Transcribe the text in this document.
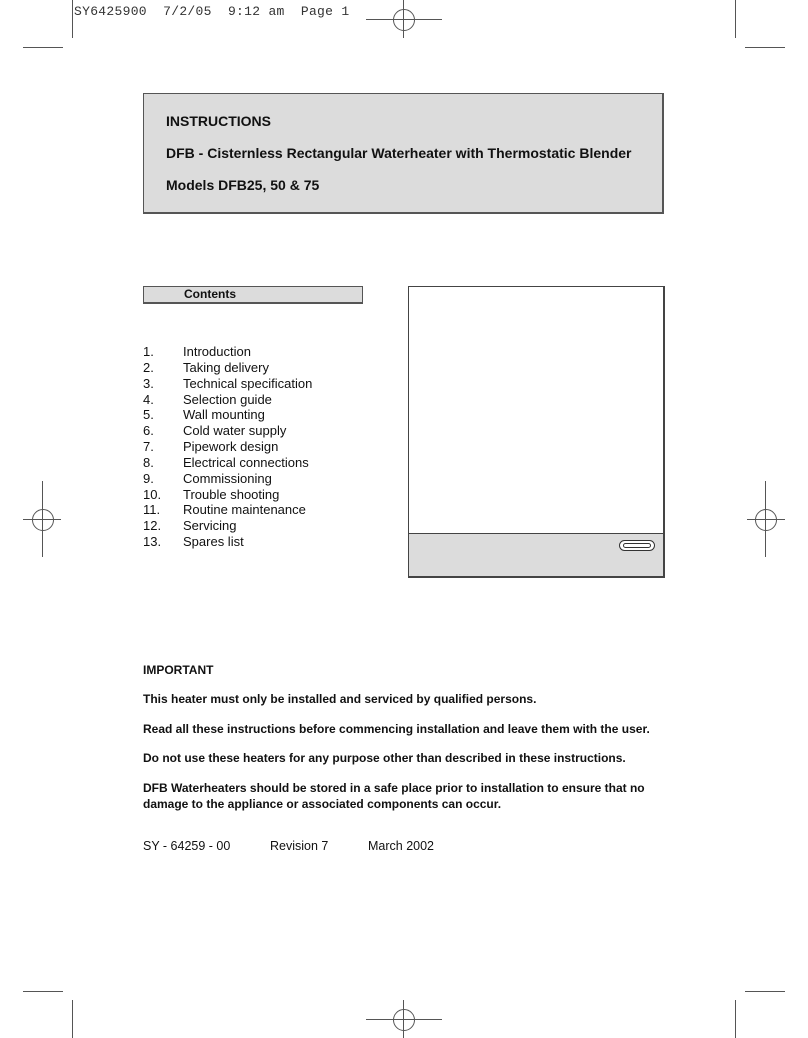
SY6425900 7/2/05 9:12 am Page 1
INSTRUCTIONS
DFB - Cisternless Rectangular Waterheater with Thermostatic Blender
Models DFB25, 50 & 75
Contents
1.	Introduction
2.	Taking delivery
3.	Technical specification
4.	Selection guide
5.	Wall mounting
6.	Cold water supply
7.	Pipework design
8.	Electrical connections
9.	Commissioning
10.	Trouble shooting
11.	Routine maintenance
12.	Servicing
13.	Spares list
IMPORTANT
This heater must only be installed and serviced by qualified persons.
Read all these instructions before commencing installation and leave them with the user.
Do not use these heaters for any purpose other than described in these instructions.
DFB Waterheaters should be stored in a safe place prior to installation to ensure that no
damage to the appliance or associated components can occur.
SY - 64259 - 00	Revision 7	March 2002
